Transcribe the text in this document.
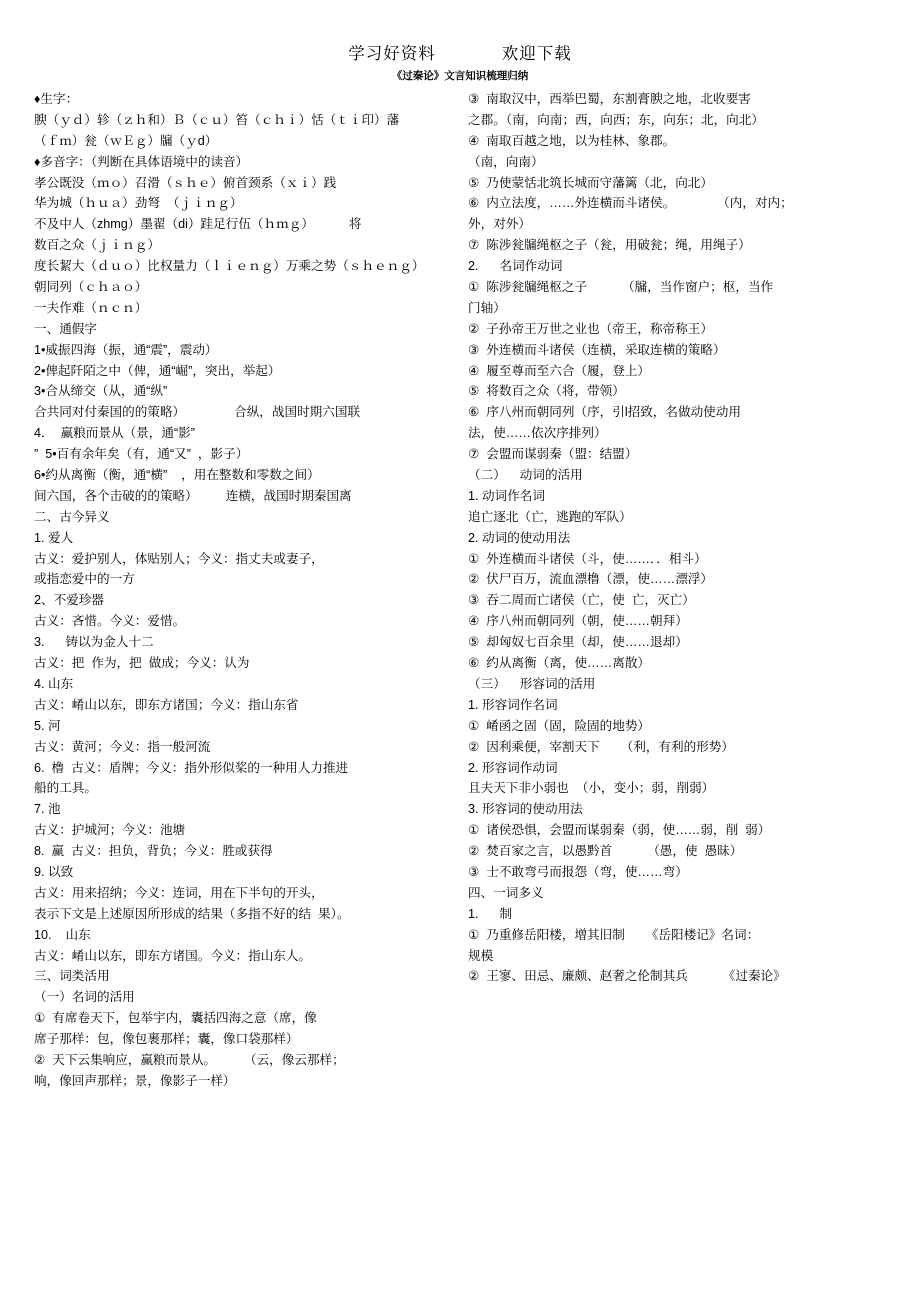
学习好资料	欢迎下载
《过秦论》文言知识梳理归纳

♦生字：

腴（ｙｄ）轸（ｚｈ和）Ｂ（ｃｕ）笞（ｃｈｉ）恬（ｔｉ印）藩

（ｆｍ）瓮（ｗＥｇ）牖（ｙd）

♦多音字：（判断在具体语境中的读音）

孝公既没（ｍｏ）召滑（ｓｈｅ）俯首颈系（ｘｉ）践

华为城（ｈｕａ）劲弩  （ｊｉｎｇ）

不及中人（zhmg）墨翟（di）跬足行伍（ｈｍｇ）          将

数百之众（ｊｉｎｇ）

度长絜大（ｄｕｏ）比权量力（ｌｉｅｎｇ）万乘之势（ｓｈｅｎｇ）

朝同列（ｃｈａｏ）

一夫作难（ｎｃｎ）

一、通假字

1•威振四海（振，通“震”，震动）

2•俾起阡陌之中（俾，通“崛”，突出，举起）

3•合从缔交（从，通“纵”

合共同对付秦国的的策略）              合纵，战国时期六国联

4．  赢粮而景从（景，通“影”

”  5•百有余年矣（有，通“又”  ，影子）

6•约从离衡（衡，通“横”    ，用在整数和零数之间）

间六国，各个击破的的策略）        连横，战国时期秦国离

二、古今异义

1. 爱人

古义：爱护别人，体贴别人；今义：指丈夫或妻子，

或指恋爱中的一方

2、不爱珍器

古义：吝惜。今义：爱惜。

3.      铸以为金人十二

古义：把  作为，把  做成；今义：认为

4. 山东

古义：崤山以东，即东方诸国；今义：指山东省

5. 河

古义：黄河；今义：指一般河流

6.  橹  古义：盾牌；今义：指外形似桨的一种用人力推进

船的工具。

7. 池

古义：护城河；今义：池塘

8.  赢  古义：担负，背负；今义：胜或获得

9. 以致

古义：用来招纳；今义：连词，用在下半句的开头，

表示下文是上述原因所形成的结果（多指不好的结  果）。

10.    山东

古义：崤山以东，即东方诸国。今义：指山东人。

三、词类活用

（一）名词的活用

①  有席卷天下，包举宇内，囊括四海之意（席，像

席子那样：包，像包裹那样；囊，像口袋那样）

②  天下云集响应，赢粮而景从。        （云，像云那样；

响，像回声那样；景，像影子一样）

③  南取汉中，西举巴蜀，东割膏腴之地，北收要害

之郡。（南，向南；西，向西；东，向东；北，向北）

④  南取百越之地，以为桂林、象郡。

（南，向南）

⑤  乃使蒙恬北筑长城而守藩篱（北，向北）

⑥  内立法度，……外连横而斗诸侯。            （内，对内；

外，对外）

⑦  陈涉瓮牖绳枢之子（瓮，用破瓮；绳，用绳子）

2.      名词作动词

①  陈涉瓮牖绳枢之子          （牖，当作窗户；枢，当作

门轴）

②  子孙帝王万世之业也（帝王，称帝称王）

③  外连横而斗诸侯（连横，采取连横的策略）

④  履至尊而至六合（履，登上）

⑤  将数百之众（将，带领）

⑥  序八州而朝同列（序，引l招致，名做动使动用

法，使……依次序排列）

⑦  会盟而谋弱秦（盟：结盟）

（二）    动词的活用

1. 动词作名词

追亡逐北（亡，逃跑的军队）

2. 动词的使动用法

①  外连横而斗诸侯（斗，使……．．相斗）

②  伏尸百万，流血漂橹（漂，使……漂浮）

③  吞二周而亡诸侯（亡，使  亡，灭亡）

④  序八州而朝同列（朝，使……朝拜）

⑤  却匈奴七百余里（却，使……退却）

⑥  约从离衡（离，使……离散）

（三）    形容词的活用

1. 形容词作名词

①  崤函之固（固，险固的地势）

②  因利乘便，宰割天下      （利，有利的形势）

2. 形容词作动词

且夫天下非小弱也  （小，变小；弱，削弱）

3. 形容词的使动用法

①  诸侯恐惧，会盟而谋弱秦（弱，使……弱，削  弱）

②  焚百家之言，以愚黔首          （愚，使  愚昧）

③  士不敢弯弓而报怨（弯，使……弯）

四、一词多义

1.      制

①  乃重修岳阳楼，增其旧制      《岳阳楼记》名词：

规模

②  王寥、田忌、廉颇、赵奢之伦制其兵          《过秦论》
